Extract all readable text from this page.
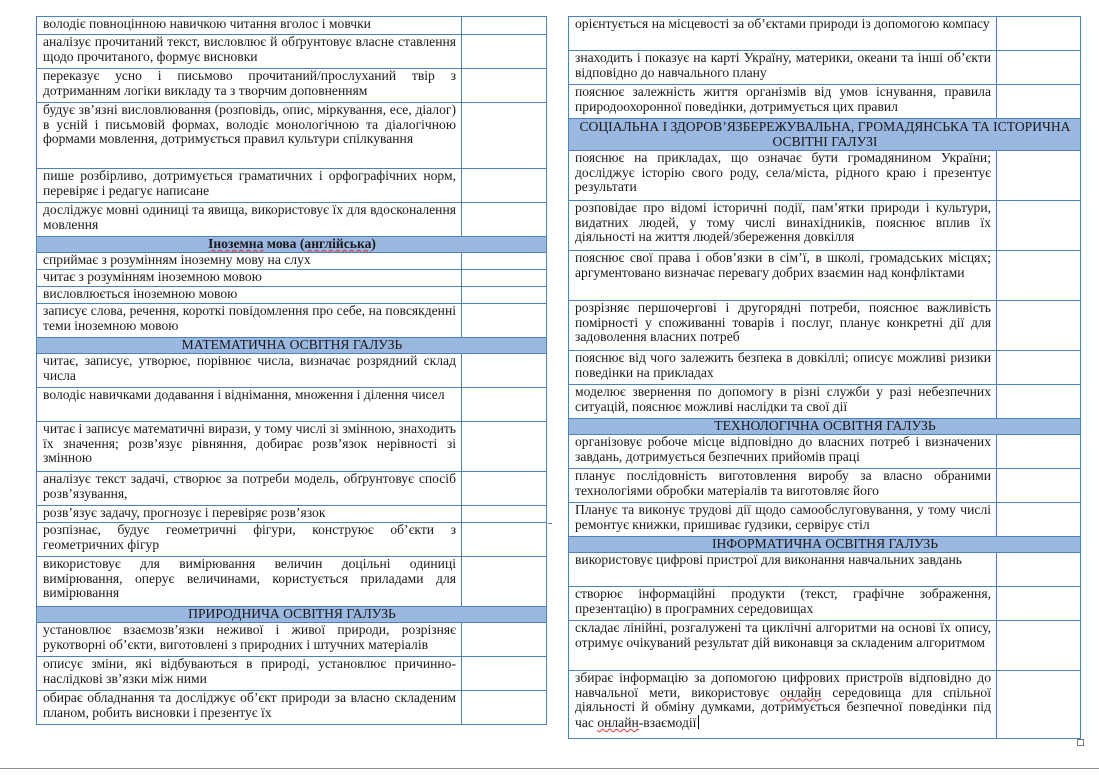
володіє повноцінною навичкою читання вголос і мовчки	
аналізує прочитаний текст, висловлює й обґрунтовує власне ставлення щодо прочитаного, формує висновки	
переказує усно і письмово прочитаний/прослуханий твір з дотриманням логіки викладу та з творчим доповненням	
будує зв’язні висловлювання (розповідь, опис, міркування, есе, діалог) в усній і письмовій формах, володіє монологічною та діалогічною формами мовлення, дотримується правил культури спілкування	
пише розбірливо, дотримується граматичних і орфографічних норм, перевіряє і редагує написане	
досліджує мовні одиниці та явища, використовує їх для вдосконалення мовлення	
Іноземна мова (англійська)	
сприймає з розумінням іноземну мову на слух	
читає з розумінням іноземною мовою	
висловлюється іноземною мовою	
записує слова, речення, короткі повідомлення про себе, на повсякденні теми іноземною мовою	
МАТЕМАТИЧНА ОСВІТНЯ ГАЛУЗЬ	
читає, записує, утворює, порівнює числа, визначає розрядний склад числа	
володіє навичками додавання і віднімання, множення і ділення чисел	
читає і записує математичні вирази, у тому числі зі змінною, знаходить їх значення; розв’язує рівняння, добирає розв’язок нерівності зі змінною	
аналізує текст задачі, створює за потреби модель, обґрунтовує спосіб розв’язування,	
розв’язує задачу, прогнозує і перевіряє розв’язок	
розпізнає, будує геометричні фігури, конструює об’єкти з геометричних фігур	
використовує для вимірювання величин доцільні одиниці вимірювання, оперує величинами, користується приладами для вимірювання	
ПРИРОДНИЧА ОСВІТНЯ ГАЛУЗЬ	
установлює взаємозв’язки неживої і живої природи, розрізняє рукотворні об’єкти, виготовлені з природних і штучних матеріалів	
описує зміни, які відбуваються в природі, установлює причинно-наслідкові зв’язки між ними	
обирає обладнання та досліджує об’єкт природи за власно складеним планом, робить висновки і презентує їх	
орієнтується на місцевості за об’єктами природи із допомогою компасу	
знаходить і показує на карті Україну, материки, океани та інші об’єкти відповідно до навчального плану	
пояснює залежність життя організмів від умов існування, правила природоохоронної поведінки, дотримується цих правил	
СОЦІАЛЬНА І ЗДОРОВ’ЯЗБЕРЕЖУВАЛЬНА, ГРОМАДЯНСЬКА ТА ІСТОРИЧНА ОСВІТНІ ГАЛУЗІ	
пояснює на прикладах, що означає бути громадянином України; досліджує історію свого роду, села/міста, рідного краю і презентує результати	
розповідає про відомі історичні події, пам’ятки природи і культури, видатних людей, у тому числі винахідників, пояснює вплив їх діяльності на життя людей/збереження довкілля	
пояснює свої права і обов’язки в сім’ї, в школі, громадських місцях; аргументовано визначає перевагу добрих взаємин над конфліктами	
розрізняє першочергові і другорядні потреби, пояснює важливість помірності у споживанні товарів і послуг, планує конкретні дії для задоволення власних потреб	
пояснює від чого залежить безпека в довкіллі; описує можливі ризики поведінки на прикладах	
моделює звернення по допомогу в різні служби у разі небезпечних ситуацій, пояснює можливі наслідки та свої дії	
ТЕХНОЛОГІЧНА ОСВІТНЯ ГАЛУЗЬ	
організовує робоче місце відповідно до власних потреб і визначених завдань, дотримується безпечних прийомів праці	
планує послідовність виготовлення виробу за власно обраними технологіями обробки матеріалів та виготовляє його	
Планує та виконує трудові дії щодо самообслуговування, у тому числі ремонтує книжки, пришиває ґудзики, сервірує стіл	
ІНФОРМАТИЧНА ОСВІТНЯ ГАЛУЗЬ	
використовує цифрові пристрої для виконання навчальних завдань	
створює інформаційні продукти (текст, графічне зображення, презентацію) в програмних середовищах	
складає лінійні, розгалужені та циклічні алгоритми на основі їх опису, отримує очікуваний результат дій виконавця за складеним алгоритмом	
збирає інформацію за допомогою цифрових пристроїв відповідно до навчальної мети, використовує онлайн середовища для спільної діяльності й обміну думками, дотримується безпечної поведінки під час онлайн-взаємодії	
